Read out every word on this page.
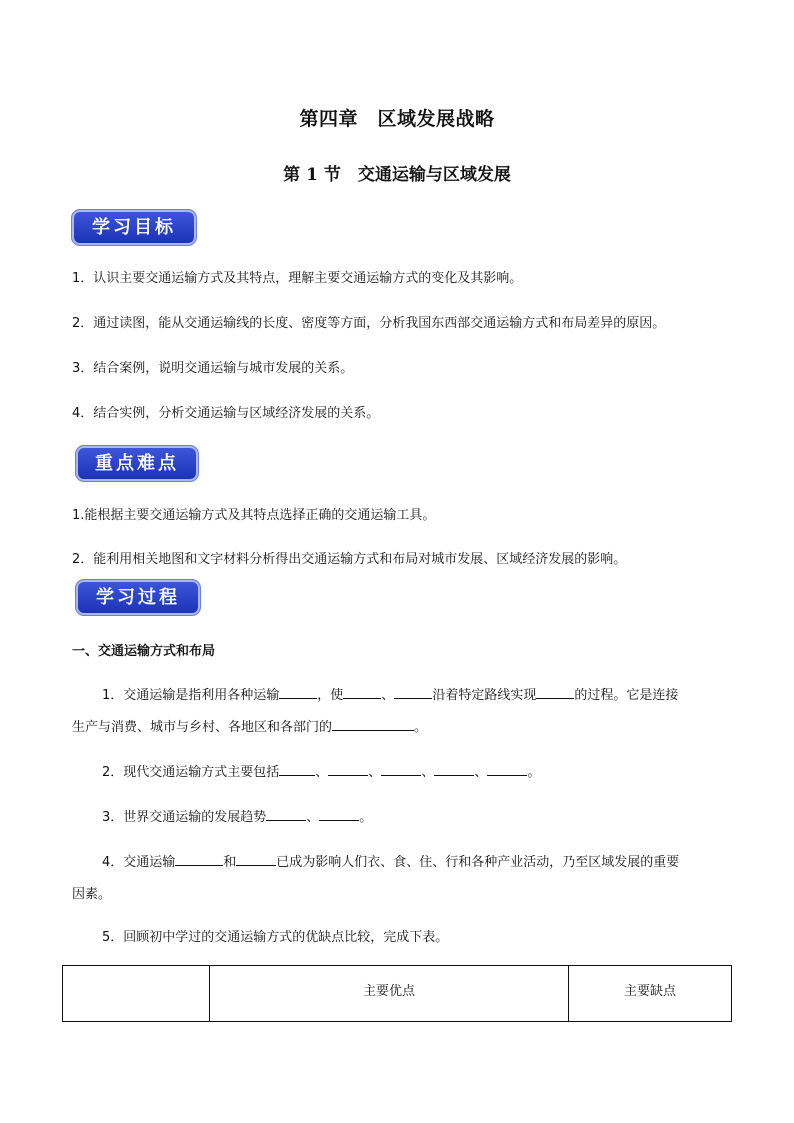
第四章　区域发展战略
第 1 节　交通运输与区域发展
学习目标
1．认识主要交通运输方式及其特点，理解主要交通运输方式的变化及其影响。
2．通过读图，能从交通运输线的长度、密度等方面，分析我国东西部交通运输方式和布局差异的原因。
3．结合案例，说明交通运输与城市发展的关系。
4．结合实例，分析交通运输与区域经济发展的关系。
重点难点
1.能根据主要交通运输方式及其特点选择正确的交通运输工具。
2．能利用相关地图和文字材料分析得出交通运输方式和布局对城市发展、区域经济发展的影响。
学习过程
一、交通运输方式和布局
1．交通运输是指利用各种运输	，使	、	沿着特定路线实现	的过程。它是连接
生产与消费、城市与乡村、各地区和各部门的	。
2．现代交通运输方式主要包括	、	、	、	、	。
3．世界交通运输的发展趋势	、	。
4．交通运输	和	已成为影响人们衣、食、住、行和各种产业活动，乃至区域发展的重要
因素。
5．回顾初中学过的交通运输方式的优缺点比较，完成下表。
	主要优点	主要缺点
